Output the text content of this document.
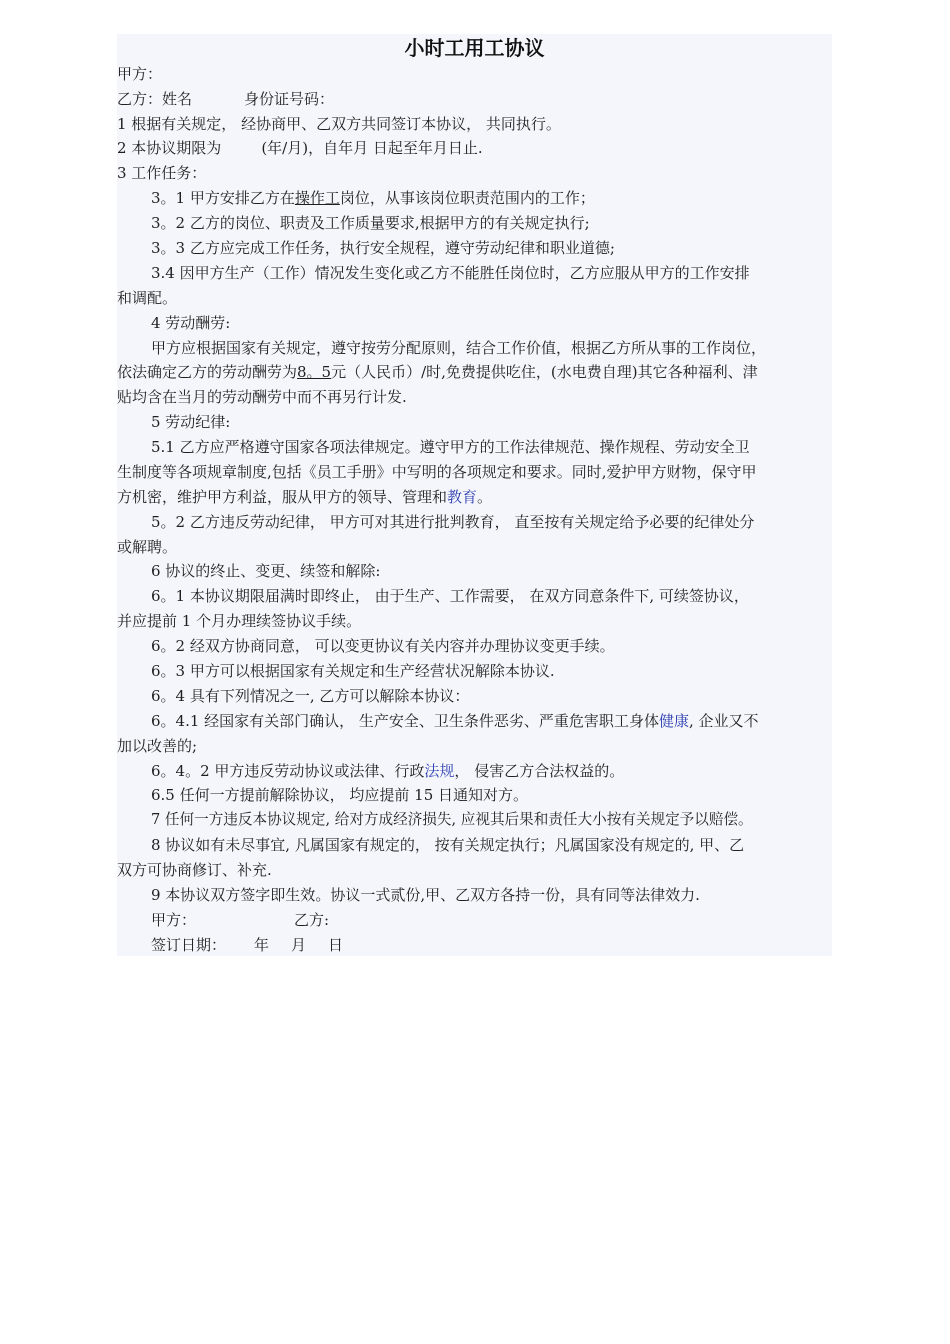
小时工用工协议
甲方：
乙方：姓名	身份证号码：
1 根据有关规定， 经协商甲、乙双方共同签订本协议， 共同执行。
2 本协议期限为	(年/月)，自年月 日起至年月日止.
3 工作任务：
3。1 甲方安排乙方在操作工岗位，从事该岗位职责范围内的工作；
3。2 乙方的岗位、职责及工作质量要求,根据甲方的有关规定执行;
3。3 乙方应完成工作任务，执行安全规程，遵守劳动纪律和职业道德;
3.4 因甲方生产（工作）情况发生变化或乙方不能胜任岗位时，乙方应服从甲方的工作安排
和调配。
4 劳动酬劳:
甲方应根据国家有关规定，遵守按劳分配原则，结合工作价值，根据乙方所从事的工作岗位，
依法确定乙方的劳动酬劳为8。5元（人民币）/时,免费提供吃住，(水电费自理)其它各种福利、津
贴均含在当月的劳动酬劳中而不再另行计发.
5 劳动纪律:
5.1 乙方应严格遵守国家各项法律规定。遵守甲方的工作法律规范、操作规程、劳动安全卫
生制度等各项规章制度,包括《员工手册》中写明的各项规定和要求。同时,爱护甲方财物，保守甲
方机密，维护甲方利益，服从甲方的领导、管理和教育。
5。2 乙方违反劳动纪律， 甲方可对其进行批判教育， 直至按有关规定给予必要的纪律处分
或解聘。
6 协议的终止、变更、续签和解除:
6。1 本协议期限届满时即终止， 由于生产、工作需要， 在双方同意条件下, 可续签协议，
并应提前 1 个月办理续签协议手续。
6。2 经双方协商同意， 可以变更协议有关内容并办理协议变更手续。
6。3 甲方可以根据国家有关规定和生产经营状况解除本协议.
6。4 具有下列情况之一, 乙方可以解除本协议：
6。4.1 经国家有关部门确认， 生产安全、卫生条件恶劣、严重危害职工身体健康, 企业又不
加以改善的;
6。4。2 甲方违反劳动协议或法律、行政法规， 侵害乙方合法权益的。
6.5 任何一方提前解除协议， 均应提前 15 日通知对方。
7 任何一方违反本协议规定, 给对方成经济损失, 应视其后果和责任大小按有关规定予以赔偿。
8 协议如有未尽事宜, 凡属国家有规定的， 按有关规定执行；凡属国家没有规定的, 甲、乙
双方可协商修订、补充.
9 本协议双方签字即生效。协议一式贰份,甲、乙双方各持一份，具有同等法律效力.
甲方：	乙方:
签订日期： 年 月 日
